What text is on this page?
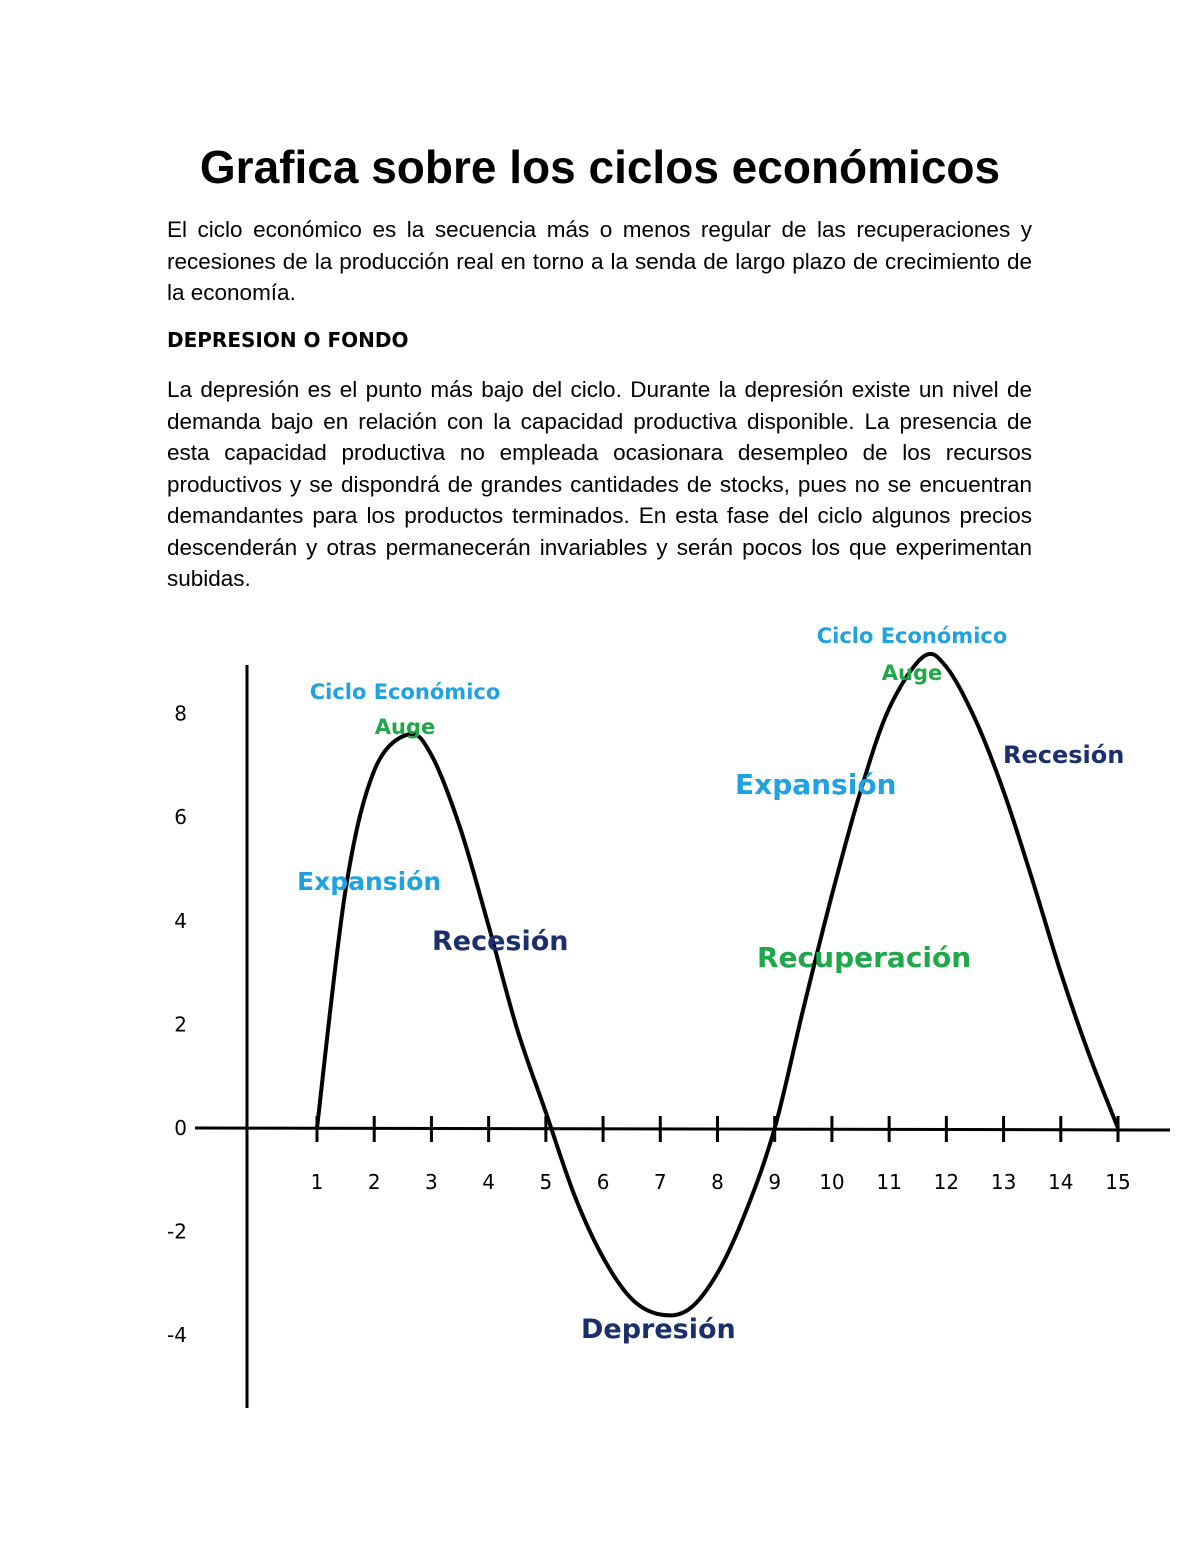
Grafica sobre los ciclos económicos

El ciclo económico es la secuencia más o menos regular de las recuperaciones y recesiones de la producción real en torno a la senda de largo plazo de crecimiento de la economía.

DEPRESION O FONDO

La depresión es el punto más bajo del ciclo. Durante la depresión existe un nivel de demanda bajo en relación con la capacidad productiva disponible. La presencia de esta capacidad productiva no empleada ocasionara desempleo de los recursos productivos y se dispondrá de grandes cantidades de stocks, pues no se encuentran demandantes para los productos terminados. En esta fase del ciclo algunos precios descenderán y otras permanecerán invariables y serán pocos los que experimentan subidas.

8
6
4
2
0
-2
-4
1 2 3 4 5 6 7 8 9 10 11 12 13 14 15
Ciclo Económico
Auge
Expansión
Recesión
Depresión
Expansión
Recuperación
Ciclo Económico
Auge
Recesión
